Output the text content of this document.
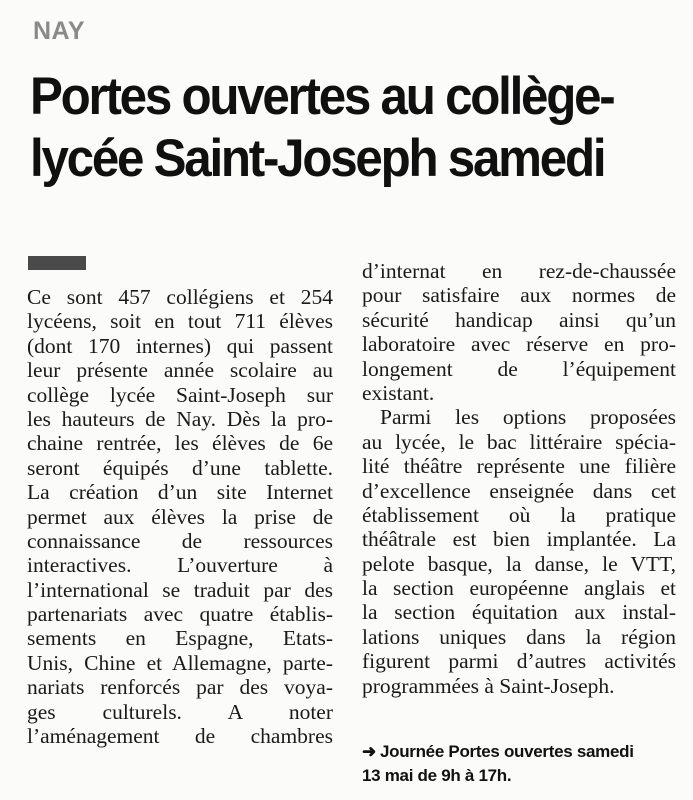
NAY
Portes ouvertes au collège-
lycée Saint-Joseph samedi
Ce sont 457 collégiens et 254
lycéens, soit en tout 711 élèves
(dont 170 internes) qui passent
leur présente année scolaire au
collège lycée Saint-Joseph sur
les hauteurs de Nay. Dès la pro-
chaine rentrée, les élèves de 6e
seront équipés d’une tablette.
La création d’un site Internet
permet aux élèves la prise de
connaissance de ressources
interactives. L’ouverture à
l’international se traduit par des
partenariats avec quatre établis-
sements en Espagne, Etats-
Unis, Chine et Allemagne, parte-
nariats renforcés par des voya-
ges culturels. A noter
l’aménagement de chambres
d’internat en rez-de-chaussée
pour satisfaire aux normes de
sécurité handicap ainsi qu’un
laboratoire avec réserve en pro-
longement de l’équipement
existant.
Parmi les options proposées
au lycée, le bac littéraire spécia-
lité théâtre représente une filière
d’excellence enseignée dans cet
établissement où la pratique
théâtrale est bien implantée. La
pelote basque, la danse, le VTT,
la section européenne anglais et
la section équitation aux instal-
lations uniques dans la région
figurent parmi d’autres activités
programmées à Saint-Joseph.
➜ Journée Portes ouvertes samedi
13 mai de 9h à 17h.
